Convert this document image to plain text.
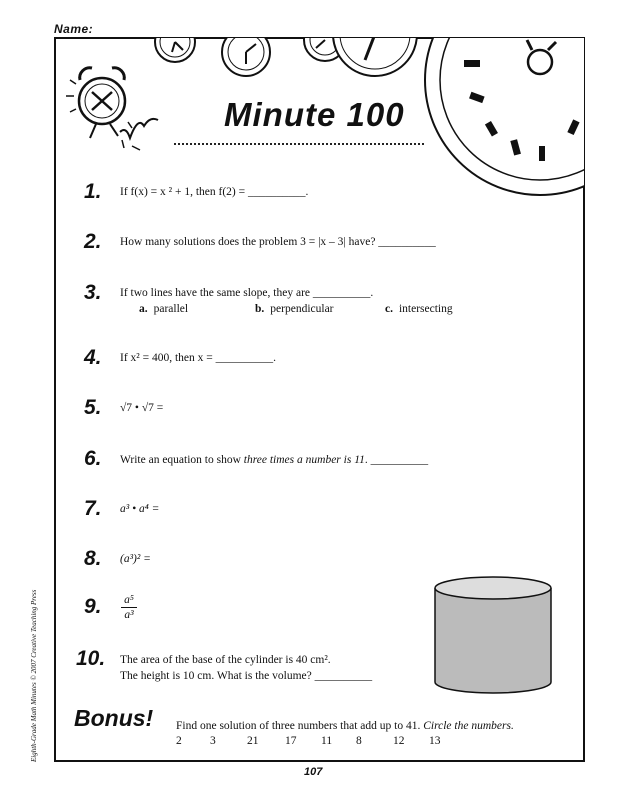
Name:
Minute 100
1. If f(x) = x ² + 1, then f(2) = __________.
2. How many solutions does the problem 3 = |x – 3| have? __________
3. If two lines have the same slope, they are __________.
a. parallel	b. perpendicular	c. intersecting
4. If x² = 400, then x = __________.
5. √7 • √7 =
6. Write an equation to show three times a number is 11. __________
7. a³ • a⁴ =
8. (a³)² =
9. a⁵
a³
10. The area of the base of the cylinder is 40 cm².
The height is 10 cm. What is the volume? __________
Bonus! Find one solution of three numbers that add up to 41. Circle the numbers.
2 3	21 17 11 8	12 13
Eighth-Grade Math Minutes © 2007 Creative Teaching Press
107
